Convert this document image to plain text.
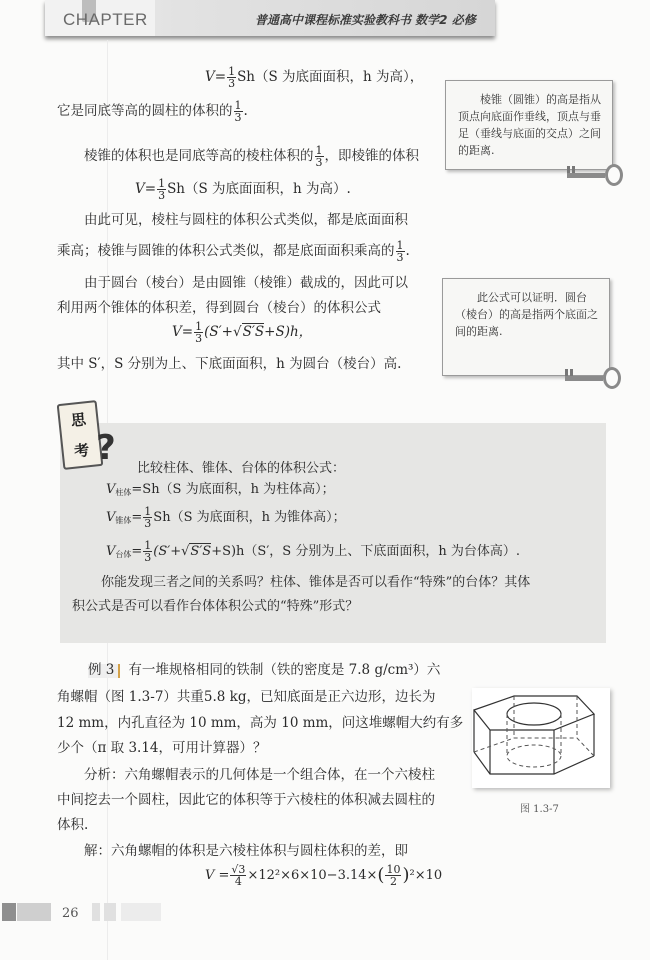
CHAPTER	普通高中课程标准实验教科书 数学2 必修
$V= \frac{1}{3} Sh(S$ 为底面面积，h 为高），
它是同底等高的圆柱的体积的 $\frac{1}{3}$ .
棱锥的体积也是同底等高的棱柱体积的 $\frac{1}{3}$ ，即棱锥的体积
$V= \frac{1}{3} Sh(S$ 为底面面积，h 为高）.
由此可见，棱柱与圆柱的体积公式类似，都是底面面积
乘高；棱锥与圆锥的体积公式类似，都是底面面积乘高的 $\frac{1}{3}$ .
由于圆台（棱台）是由圆锥（棱锥）截成的，因此可以
利用两个锥体的体积差，得到圆台（棱台）的体积公式
$V= \frac{1}{3} (S'+√S'S+S)h$，
其中 S′，S 分别为上、下底面面积，h 为圆台（棱台）高.
棱锥（圆锥）的高是指从顶点向底面作垂线，顶点与垂足（垂线与底面的交点）之间的距离.
此公式可以证明．圆台（棱台）的高是指两个底面之间的距离.
思
考 ?
比较柱体、锥体、台体的体积公式：
$V_{柱体}=Sh(S$ 为底面积，h 为柱体高）；
$V_{锥体}= \frac{1}{3} Sh(S$ 为底面积，h 为锥体高）；
$V_{台体}= \frac{1}{3} (S'+√S'S+S)h(S'$，S 分别为上、下底面面积，h 为台体高）.
你能发现三者之间的关系吗？柱体、锥体是否可以看作“特殊”的台体？其体
积公式是否可以看作台体体积公式的“特殊”形式？
例 3 有一堆规格相同的铁制（铁的密度是 7.8 g/cm³）六
角螺帽（图 1.3-7）共重5.8 kg，已知底面是正六边形，边长为
12 mm，内孔直径为 10 mm，高为 10 mm，问这堆螺帽大约有多
少个（π 取 3.14，可用计算器）？
分析：六角螺帽表示的几何体是一个组合体，在一个六棱柱
中间挖去一个圆柱，因此它的体积等于六棱柱的体积减去圆柱的
体积.
解：六角螺帽的体积是六棱柱体积与圆柱体积的差，即
$V = \frac{√3}{4} \times 12^2\times 6\times 10-3.14\times( \frac{10}{2} )^2\times 10$
图 1.3-7
26
